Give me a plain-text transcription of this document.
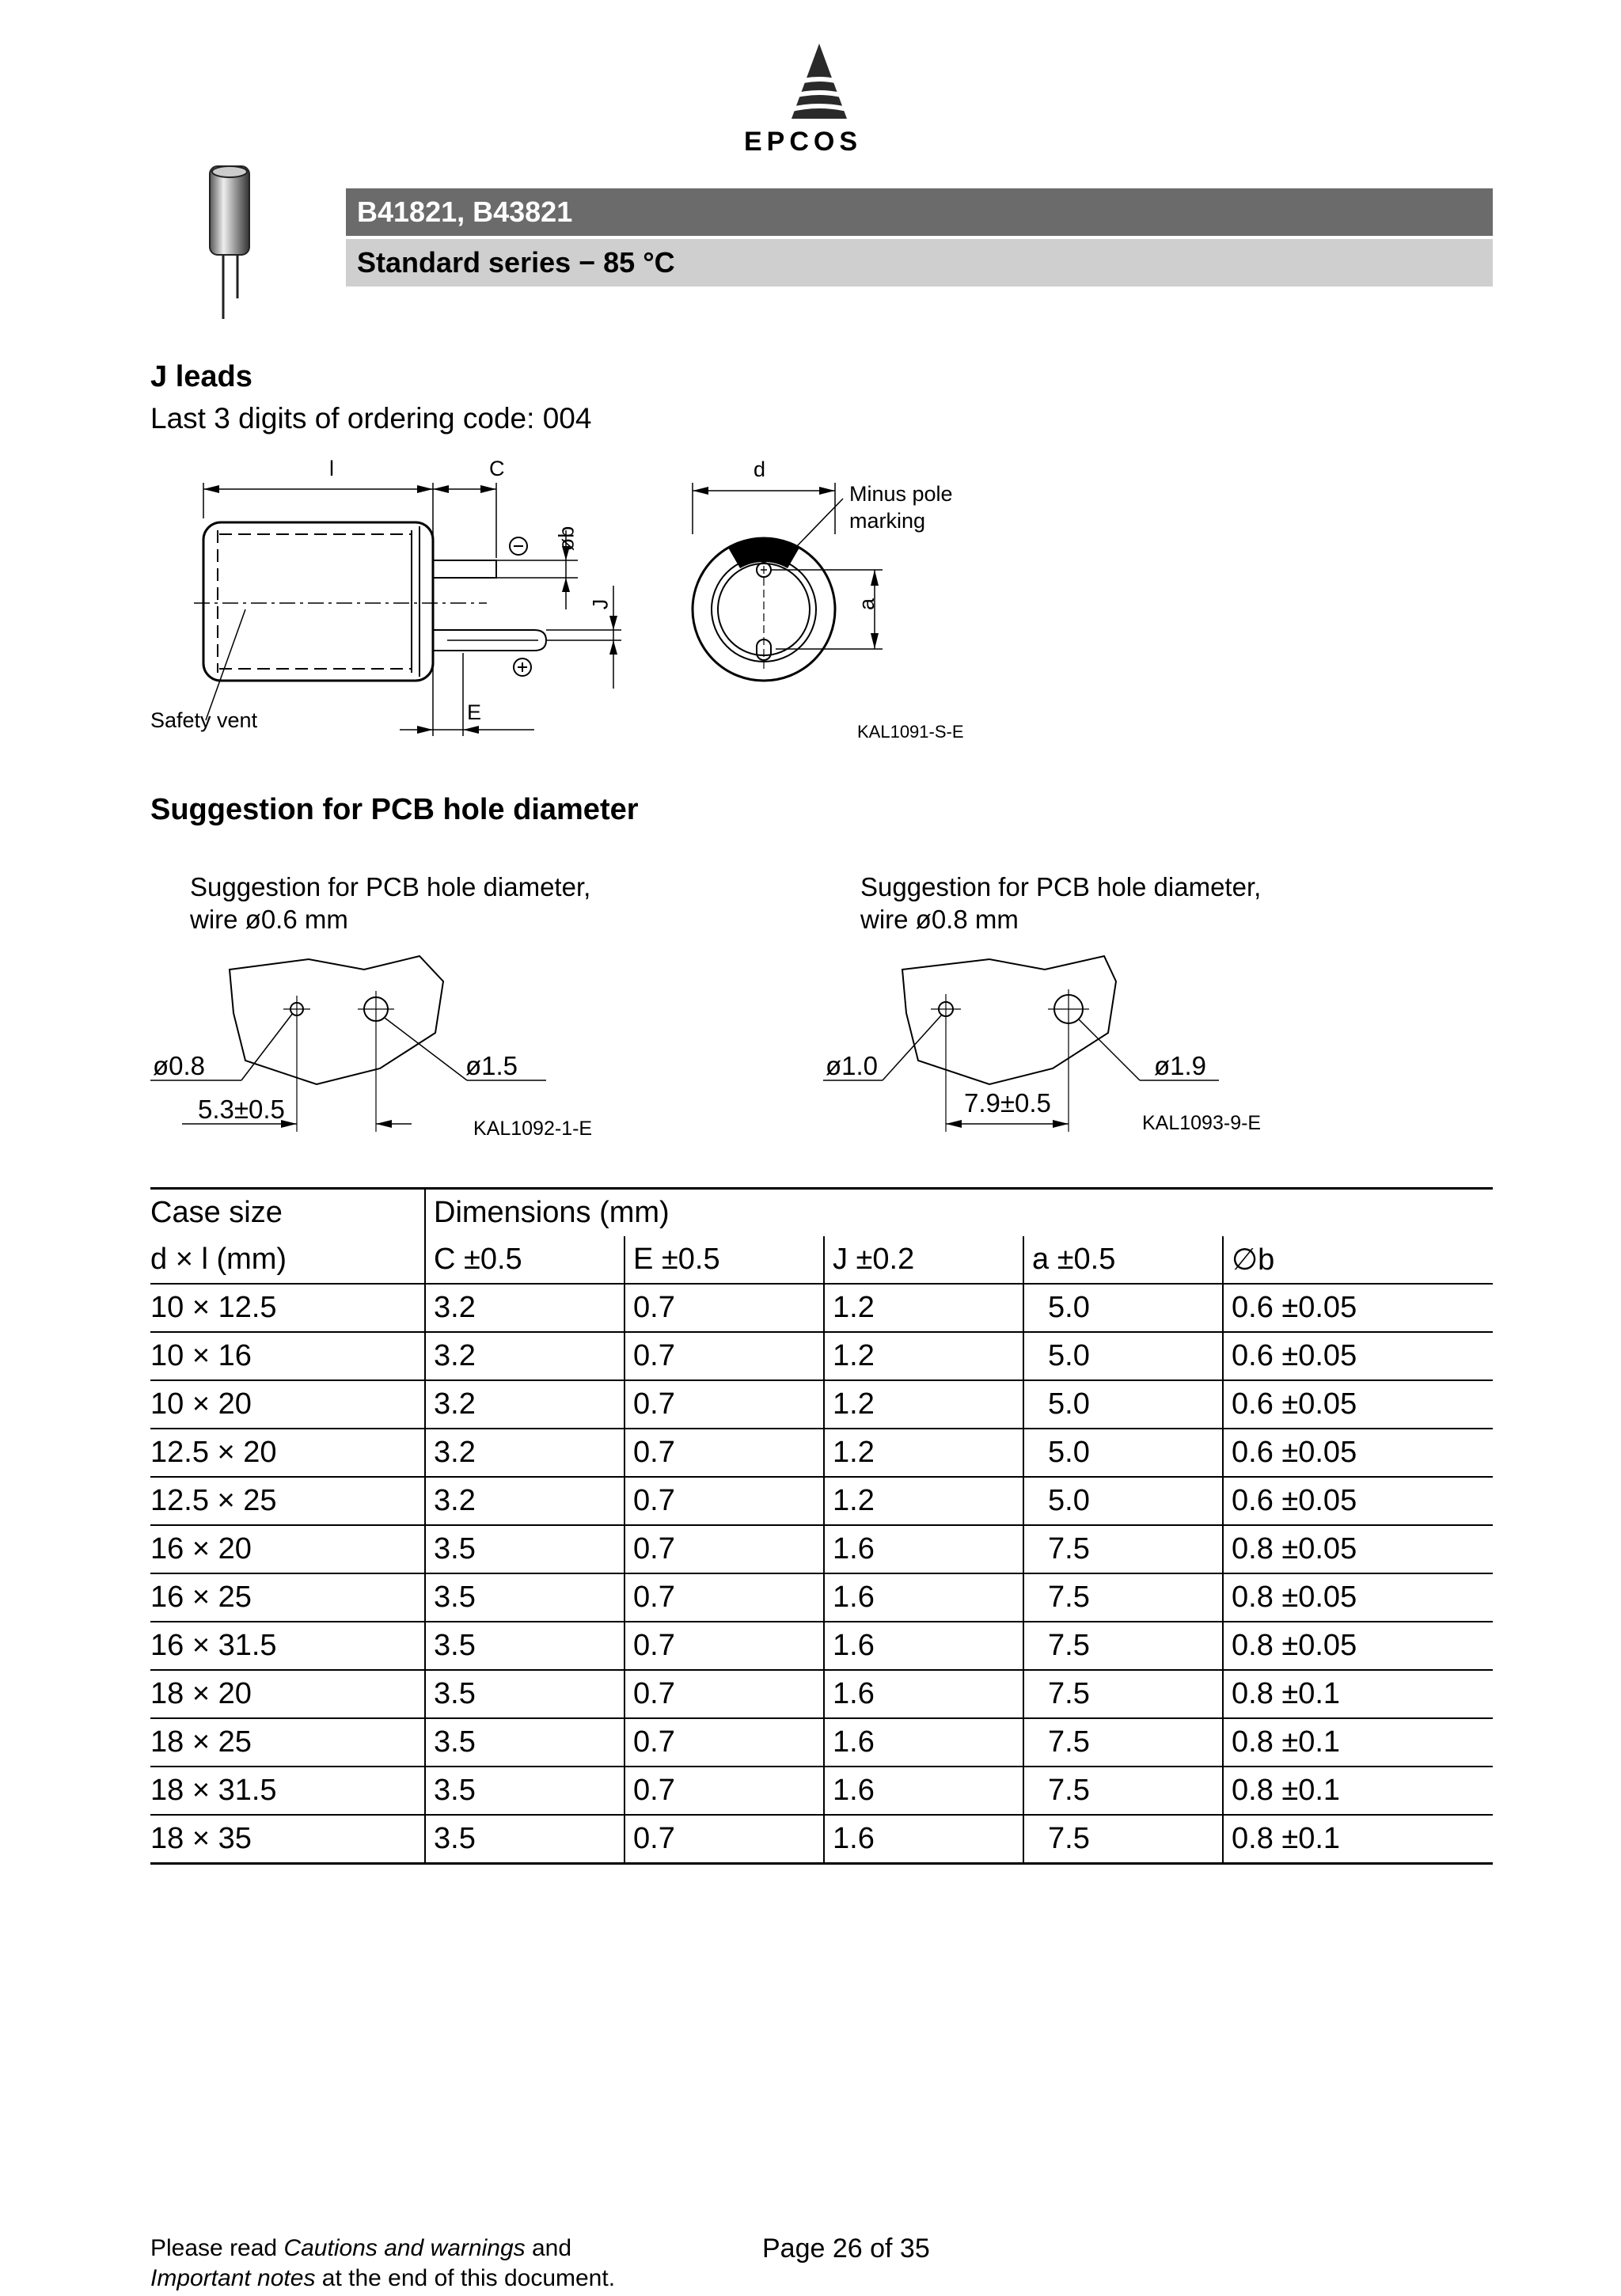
EPCOS
B41821, B43821
Standard series − 85 °C
J leads
Last 3 digits of ordering code: 004
l	C
øb
J
E
Safety vent
d
Minus pole
marking
a
KAL1091-S-E
Suggestion for PCB hole diameter
Suggestion for PCB hole diameter,
wire ø0.6 mm
ø0.8	ø1.5
5.3±0.5
KAL1092-1-E
Suggestion for PCB hole diameter,
wire ø0.8 mm
ø1.0	ø1.9
7.9±0.5
KAL1093-9-E
Case size	Dimensions (mm)				
d × l (mm)	C ±0.5	E ±0.5	J ±0.2	a ±0.5	∅b
10 × 12.5	3.2	0.7	1.2	5.0	0.6 ±0.05
10 × 16	3.2	0.7	1.2	5.0	0.6 ±0.05
10 × 20	3.2	0.7	1.2	5.0	0.6 ±0.05
12.5 × 20	3.2	0.7	1.2	5.0	0.6 ±0.05
12.5 × 25	3.2	0.7	1.2	5.0	0.6 ±0.05
16 × 20	3.5	0.7	1.6	7.5	0.8 ±0.05
16 × 25	3.5	0.7	1.6	7.5	0.8 ±0.05
16 × 31.5	3.5	0.7	1.6	7.5	0.8 ±0.05
18 × 20	3.5	0.7	1.6	7.5	0.8 ±0.1
18 × 25	3.5	0.7	1.6	7.5	0.8 ±0.1
18 × 31.5	3.5	0.7	1.6	7.5	0.8 ±0.1
18 × 35	3.5	0.7	1.6	7.5	0.8 ±0.1
Please read Cautions and warnings and
Important notes at the end of this document.
Page 26 of 35
